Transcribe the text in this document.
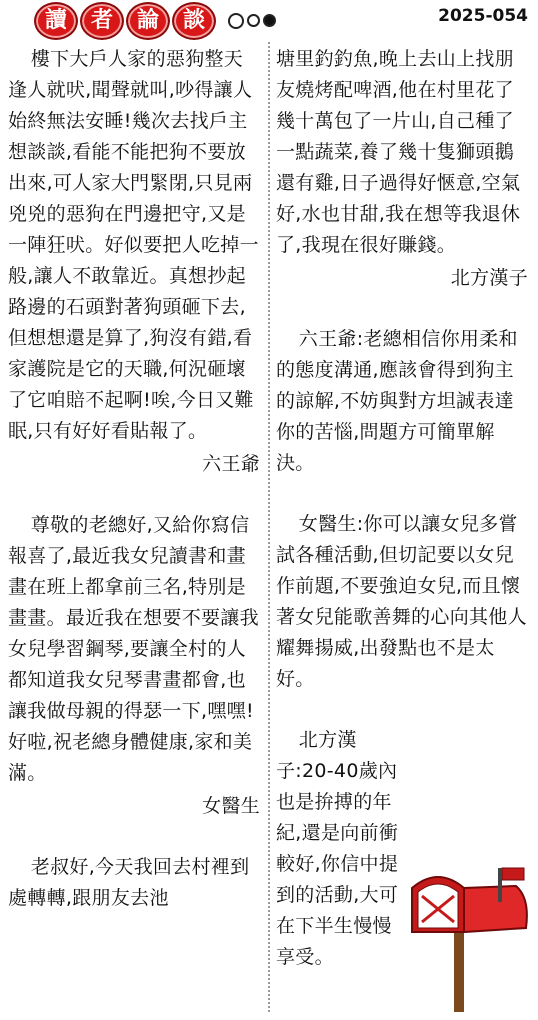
讀	者	論	談	2025-054

樓下大戶人家的惡狗整天逢人就吠,聞聲就叫,吵得讓人始終無法安睡!幾次去找戶主想談談,看能不能把狗不要放出來,可人家大門緊閉,只見兩兇兇的惡狗在門邊把守,又是一陣狂吠。好似要把人吃掉一般,讓人不敢靠近。真想抄起路邊的石頭對著狗頭砸下去,但想想還是算了,狗沒有錯,看家護院是它的天職,何況砸壞了它咱賠不起啊!唉,今日又難眠,只有好好看貼報了。

六王爺

尊敬的老總好,又給你寫信報喜了,最近我女兒讀書和畫畫在班上都拿前三名,特別是畫畫。最近我在想要不要讓我女兒學習鋼琴,要讓全村的人都知道我女兒琴書畫都會,也讓我做母親的得瑟一下,嘿嘿!好啦,祝老總身體健康,家和美滿。

女醫生

老叔好,今天我回去村裡到處轉轉,跟朋友去池

塘里釣釣魚,晚上去山上找朋友燒烤配啤酒,他在村里花了幾十萬包了一片山,自己種了一點蔬菜,養了幾十隻獅頭鵝還有雞,日子過得好愜意,空氣好,水也甘甜,我在想等我退休了,我現在很好賺錢。

北方漢子

六王爺:老總相信你用柔和的態度溝通,應該會得到狗主的諒解,不妨與對方坦誠表達你的苦惱,問題方可簡單解決。

女醫生:你可以讓女兒多嘗試各種活動,但切記要以女兒作前題,不要強迫女兒,而且懷著女兒能歌善舞的心向其他人耀舞揚威,出發點也不是太好。

北方漢子:20-40歲內也是拚搏的年紀,還是向前衝較好,你信中提到的活動,大可在下半生慢慢享受。
